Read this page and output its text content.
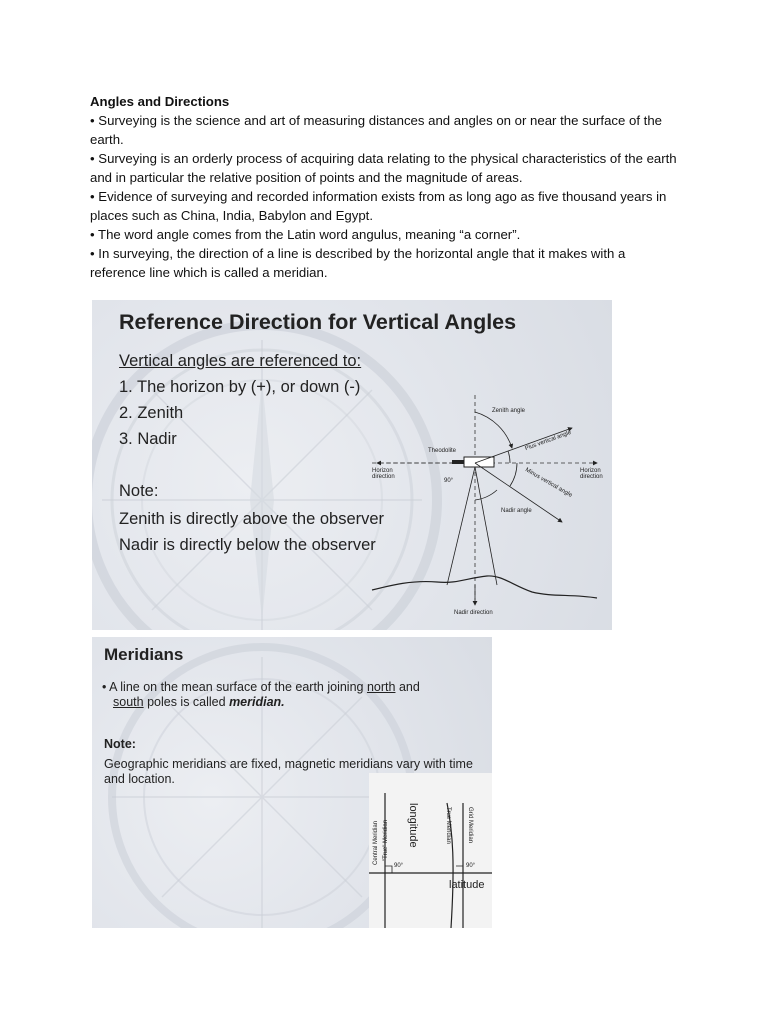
Angles and Directions

• Surveying is the science and art of measuring distances and angles on or near the surface of the earth.

• Surveying is an orderly process of acquiring data relating to the physical characteristics of the earth and in particular the relative position of points and the magnitude of areas.

• Evidence of surveying and recorded information exists from as long ago as five thousand years in places such as China, India, Babylon and Egypt.

• The word angle comes from the Latin word angulus, meaning “a corner”.

• In surveying, the direction of a line is described by the horizontal angle that it makes with a reference line which is called a meridian.

Reference Direction for Vertical Angles
Vertical angles are referenced to:
1. The horizon by (+), or down (-)
2. Zenith
3. Nadir
Note:
Zenith is directly above the observer
Nadir is directly below the observer
Zenith angle
Plus vertical angle
Minus vertical angle
Theodolite
Horizon direction
Horizon direction
90°
Nadir angle
Nadir direction
Meridians
• A line on the mean surface of the earth joining north and
south poles is called meridian.
Note:
Geographic meridians are fixed, magnetic meridians vary with time and location.
Central Meridian "True" Meridian longitude	True Meridian	Grid Meridian
90°	90°
latitude
